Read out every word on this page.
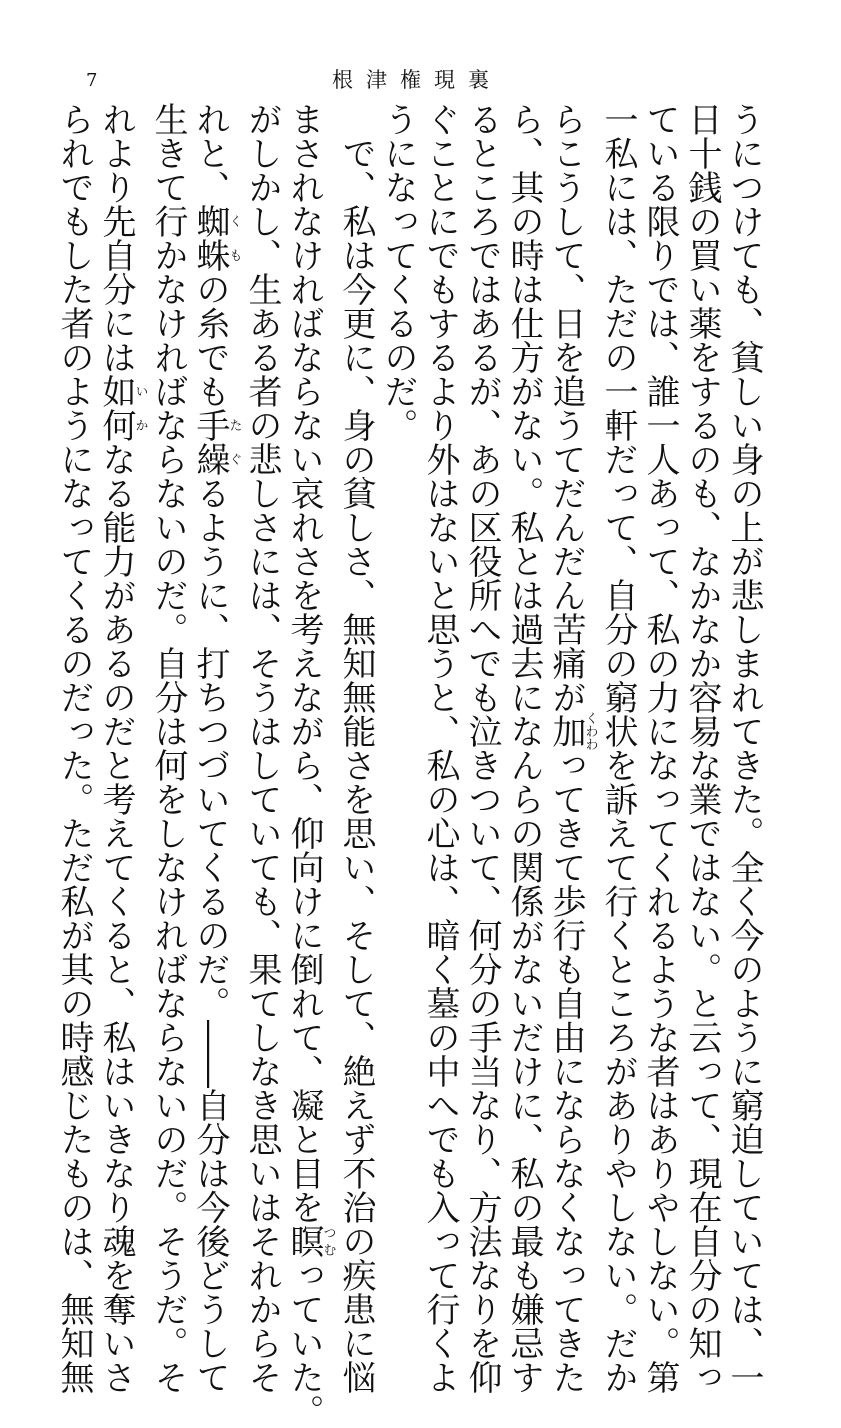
7	根津権現裏
うにつけても、貧しい身の上が悲しまれてきた。全く今のように窮迫していては、一
日十銭の買い薬をするのも、なかなか容易な業ではない。と云って、現在自分の知っ
ている限りでは、誰一人あって、私の力になってくれるような者はありやしない。第
一私には、ただの一軒だって、自分の窮状を訴えて行くところがありやしない。だか
らこうして、日を追うてだんだん苦痛が加くわわってきて歩行も自由にならなくなってきた
ら、其の時は仕方がない。私とは過去になんらの関係がないだけに、私の最も嫌忌す
るところではあるが、あの区役所へでも泣きついて、何分の手当なり、方法なりを仰
ぐことにでもするより外はないと思うと、私の心は、暗く墓の中へでも入って行くよ
うになってくるのだ。
　で、私は今更に、身の貧しさ、無知無能さを思い、そして、絶えず不治の疾患に悩
まされなければならない哀れさを考えながら、仰向けに倒れて、凝と目を瞑つむっていた。
がしかし、生ある者の悲しさには、そうはしていても、果てしなき思いはそれからそ
れと、蜘蛛くもの糸でも手繰たぐるように、打ちつづいてくるのだ。――自分は今後どうして
生きて行かなければならないのだ。自分は何をしなければならないのだ。そうだ。そ
れより先自分には如何いかなる能力があるのだと考えてくると、私はいきなり魂を奪いさ
られでもした者のようになってくるのだった。ただ私が其の時感じたものは、無知無
